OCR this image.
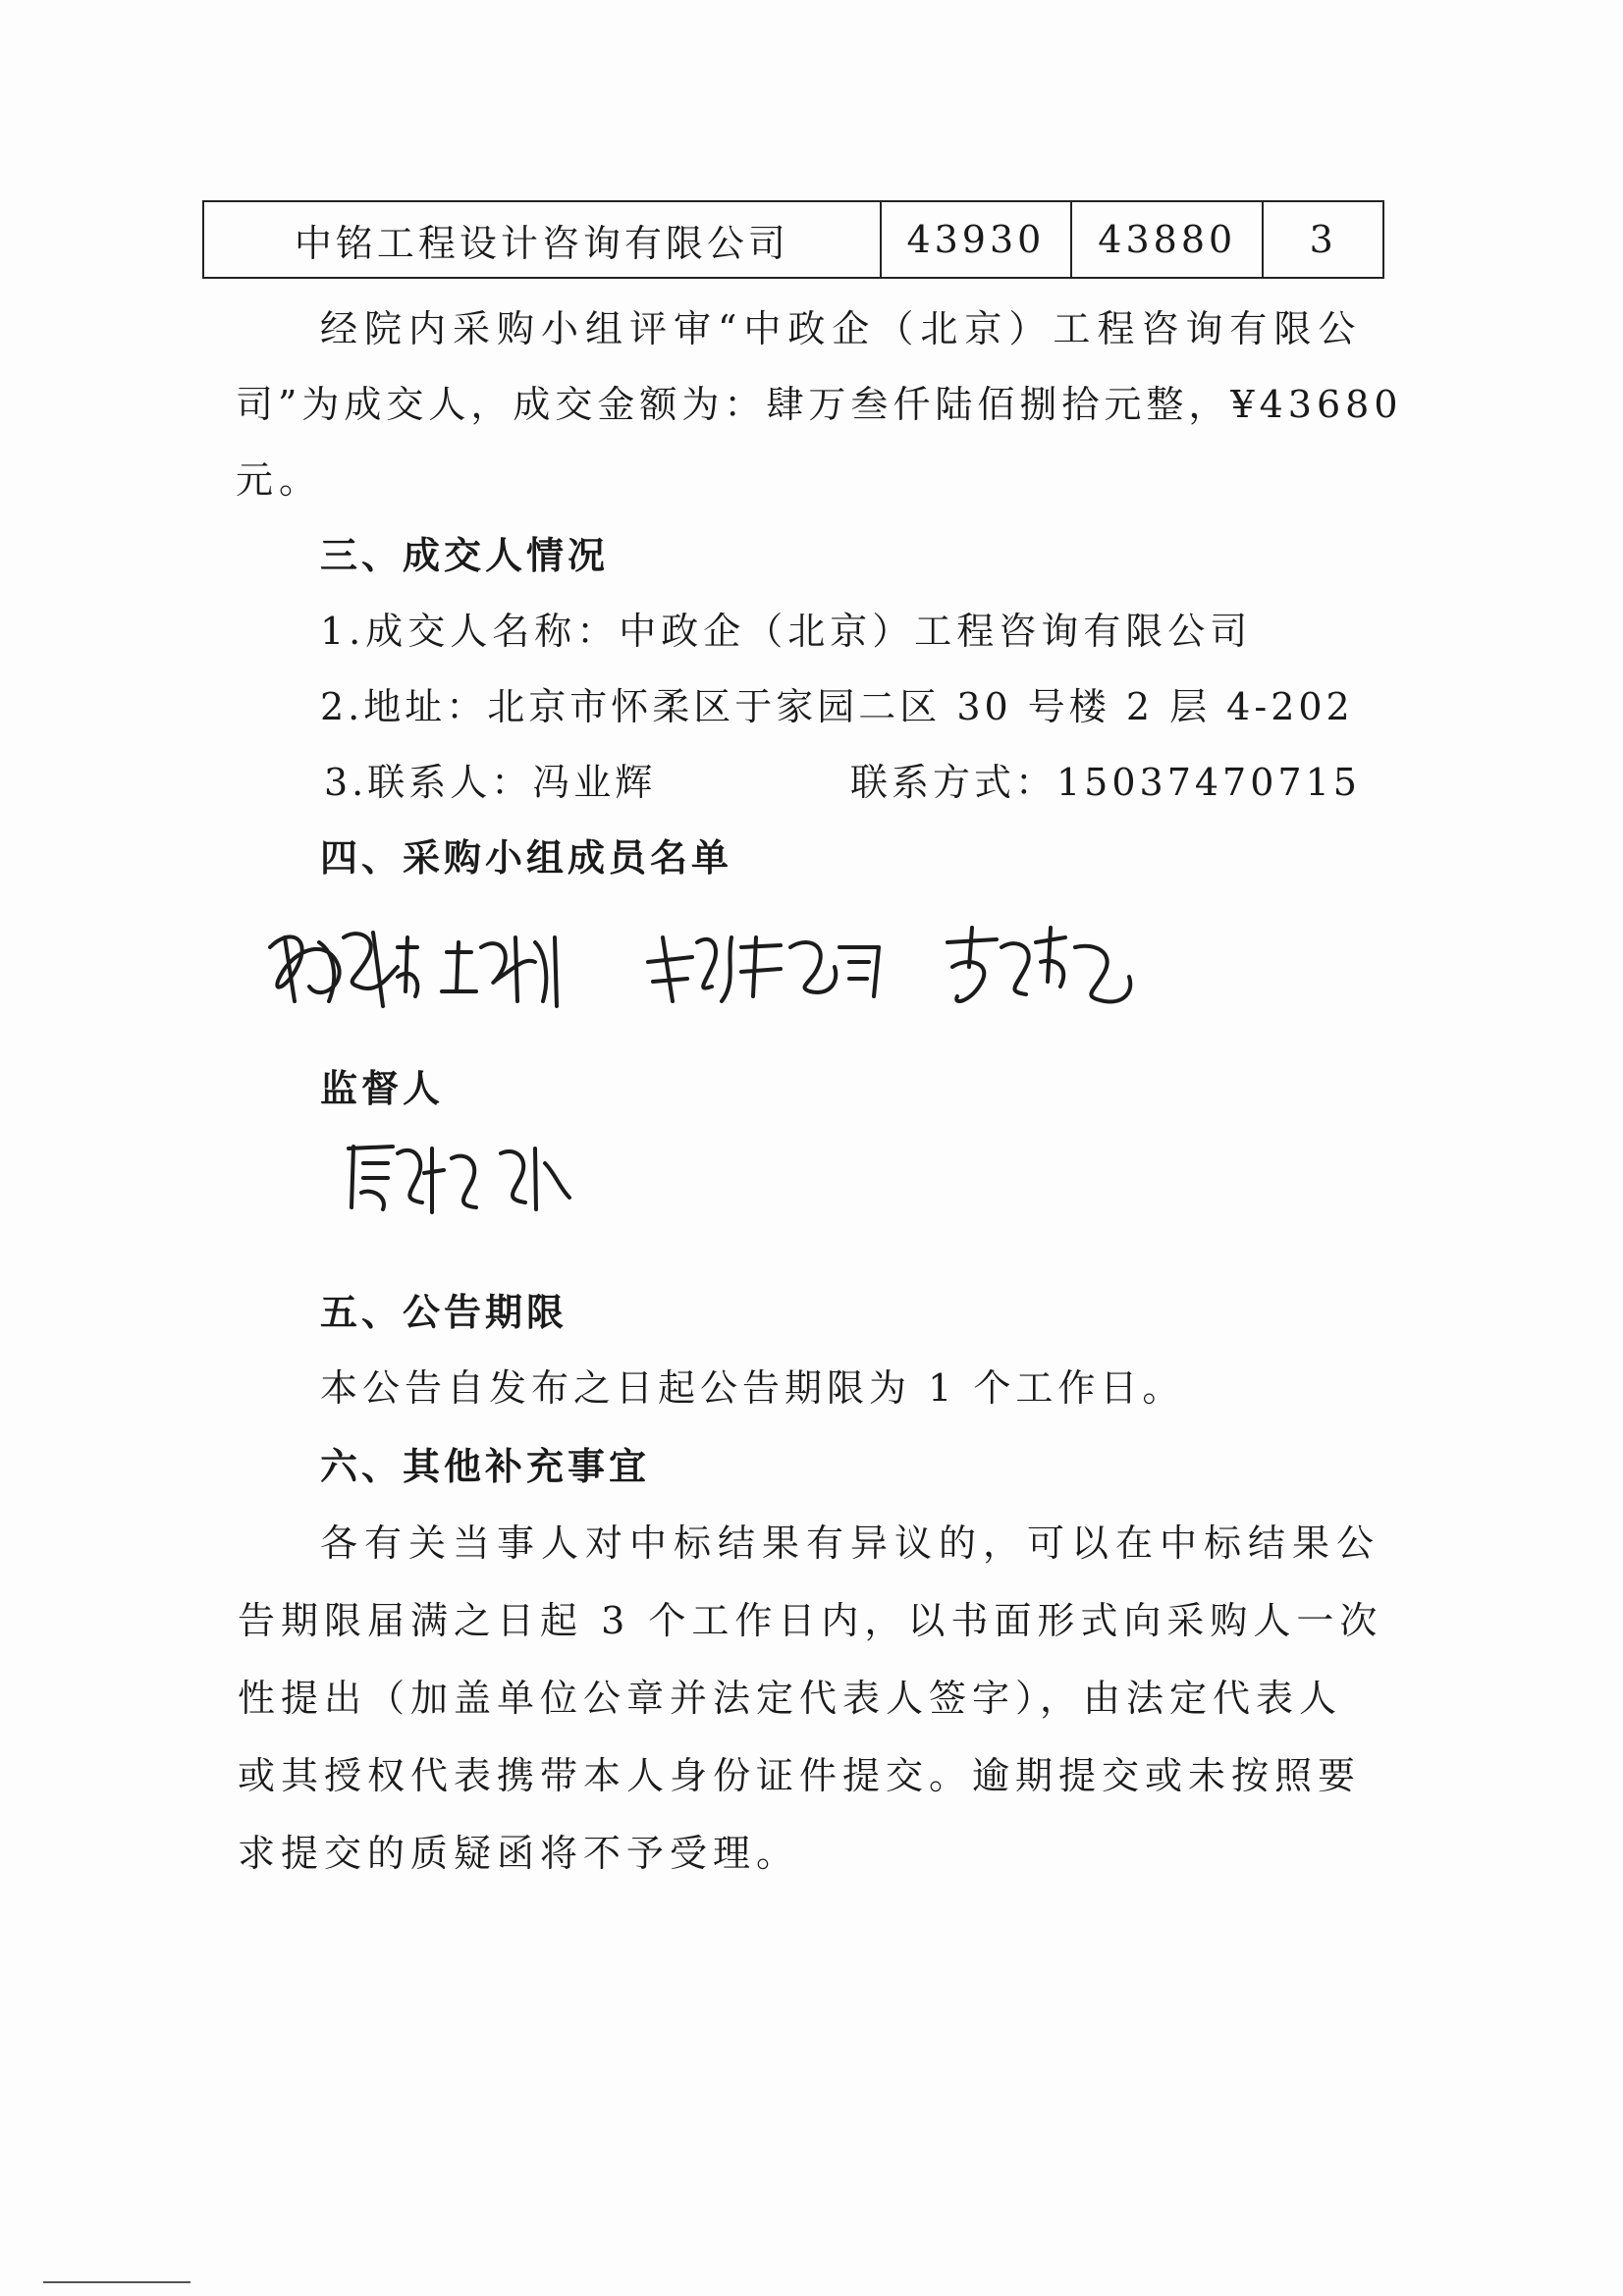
中铭工程设计咨询有限公司	43930	43880	3
经院内采购小组评审“中政企（北京）工程咨询有限公
司”为成交人，成交金额为：肆万叁仟陆佰捌拾元整，¥43680
元。
三、成交人情况
1.成交人名称：中政企（北京）工程咨询有限公司
2.地址：北京市怀柔区于家园二区 30 号楼 2 层 4-202
3.联系人：冯业辉	联系方式：15037470715
四、采购小组成员名单
监督人
五、公告期限
本公告自发布之日起公告期限为 1 个工作日。
六、其他补充事宜
各有关当事人对中标结果有异议的，可以在中标结果公
告期限届满之日起 3 个工作日内，以书面形式向采购人一次
性提出（加盖单位公章并法定代表人签字），由法定代表人
或其授权代表携带本人身份证件提交。逾期提交或未按照要
求提交的质疑函将不予受理。
